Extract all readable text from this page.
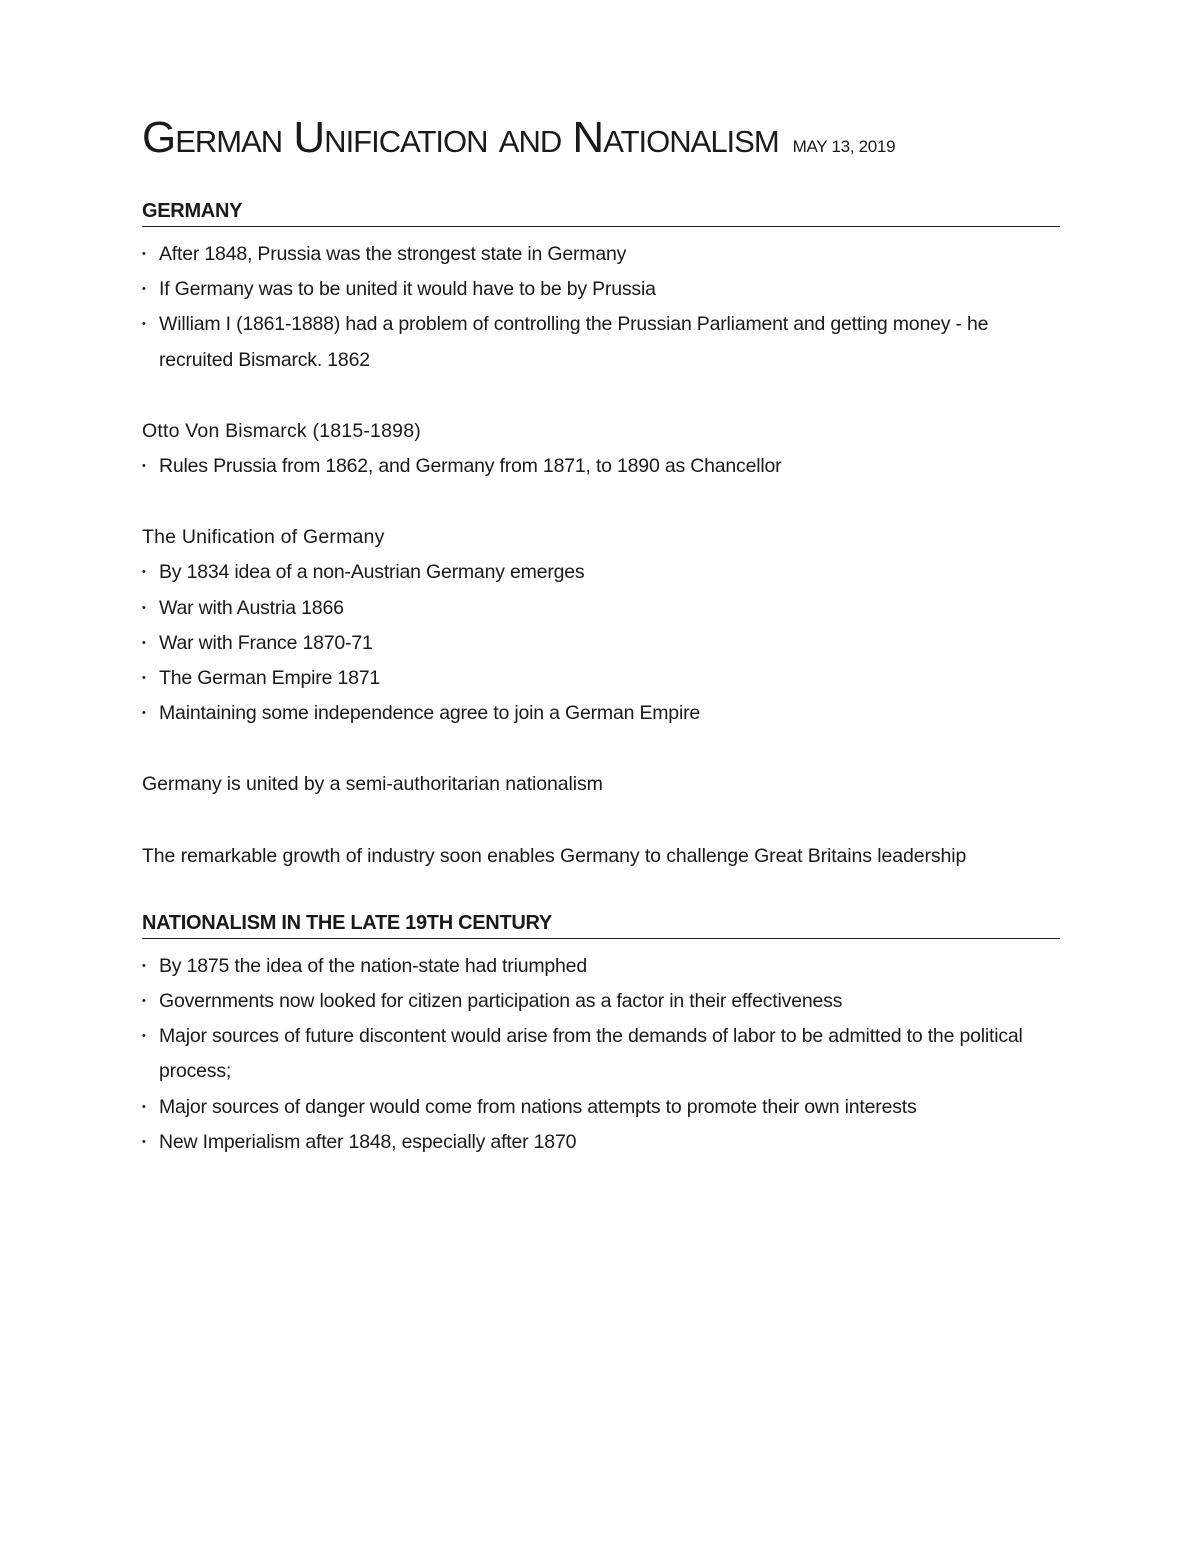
German Unification and Nationalism MAY 13, 2019
GERMANY
• After 1848, Prussia was the strongest state in Germany
• If Germany was to be united it would have to be by Prussia
• William I (1861-1888) had a problem of controlling the Prussian Parliament and getting money - he recruited Bismarck. 1862

Otto Von Bismarck (1815-1898)

• Rules Prussia from 1862, and Germany from 1871, to 1890 as Chancellor

The Unification of Germany

• By 1834 idea of a non-Austrian Germany emerges
• War with Austria 1866
• War with France 1870-71
• The German Empire 1871
• Maintaining some independence agree to join a German Empire

Germany is united by a semi-authoritarian nationalism

The remarkable growth of industry soon enables Germany to challenge Great Britains leadership

NATIONALISM IN THE LATE 19TH CENTURY
• By 1875 the idea of the nation-state had triumphed
• Governments now looked for citizen participation as a factor in their effectiveness
• Major sources of future discontent would arise from the demands of labor to be admitted to the political process;
• Major sources of danger would come from nations attempts to promote their own interests
• New Imperialism after 1848, especially after 1870
